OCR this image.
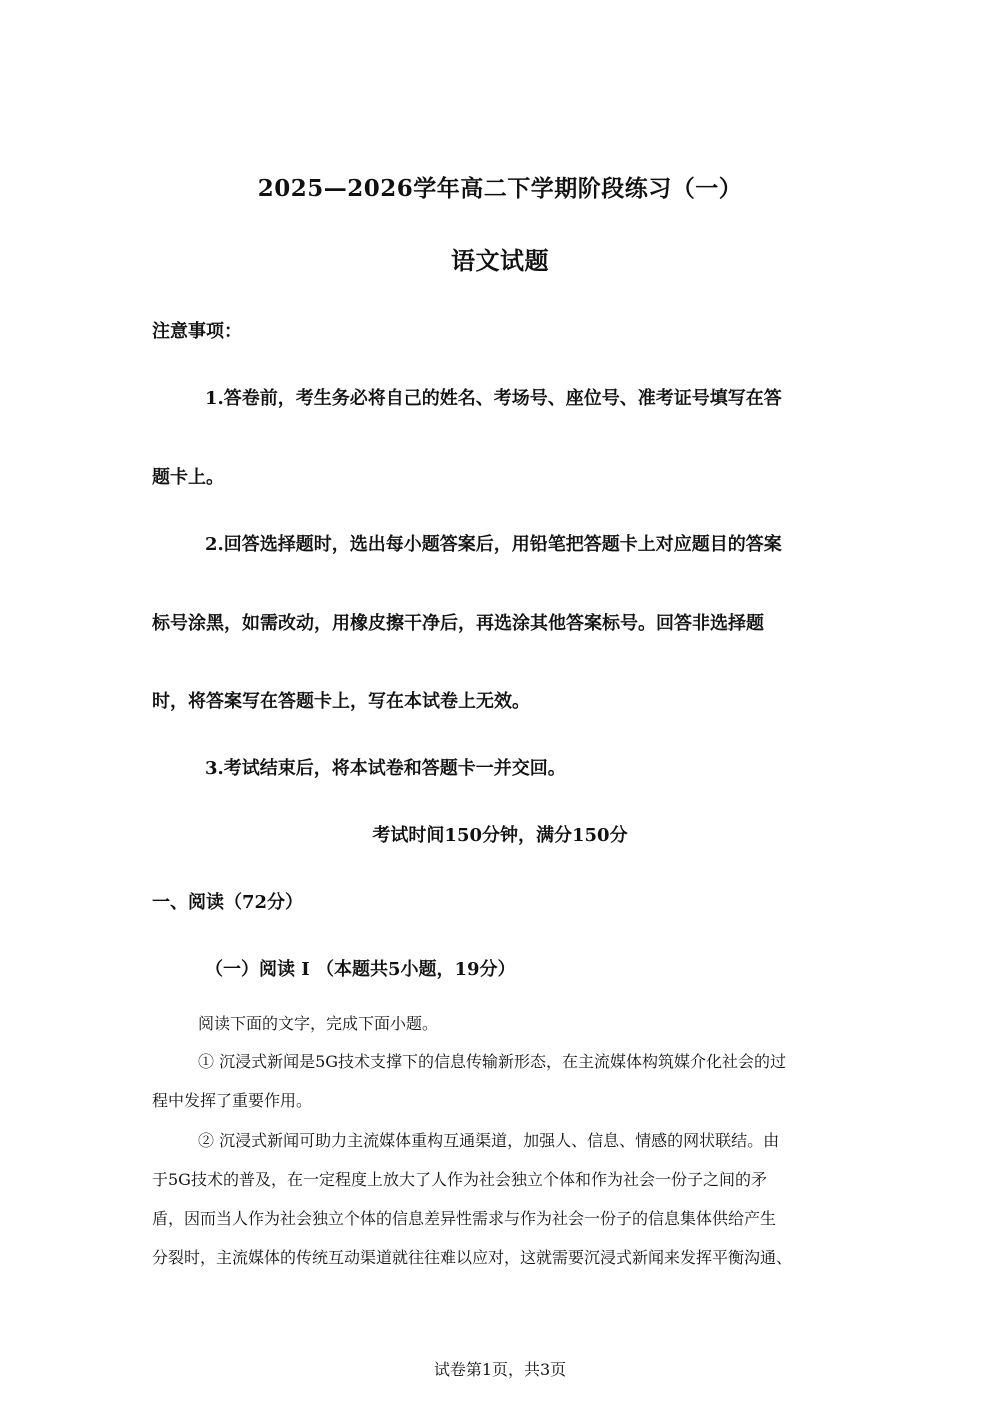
2025—2026学年高二下学期阶段练习（一）
语文试题
注意事项：
1.答卷前，考生务必将自己的姓名、考场号、座位号、准考证号填写在答
题卡上。
2.回答选择题时，选出每小题答案后，用铅笔把答题卡上对应题目的答案
标号涂黑，如需改动，用橡皮擦干净后，再选涂其他答案标号。回答非选择题
时，将答案写在答题卡上，写在本试卷上无效。
3.考试结束后，将本试卷和答题卡一并交回。
考试时间150分钟，满分150分
一、阅读（72分）
（一）阅读 I （本题共5小题，19分）
阅读下面的文字，完成下面小题。
① 沉浸式新闻是5G技术支撑下的信息传输新形态，在主流媒体构筑媒介化社会的过
程中发挥了重要作用。
② 沉浸式新闻可助力主流媒体重构互通渠道，加强人、信息、情感的网状联结。由
于5G技术的普及，在一定程度上放大了人作为社会独立个体和作为社会一份子之间的矛
盾，因而当人作为社会独立个体的信息差异性需求与作为社会一份子的信息集体供给产生
分裂时，主流媒体的传统互动渠道就往往难以应对，这就需要沉浸式新闻来发挥平衡沟通、
试卷第1页，共3页
